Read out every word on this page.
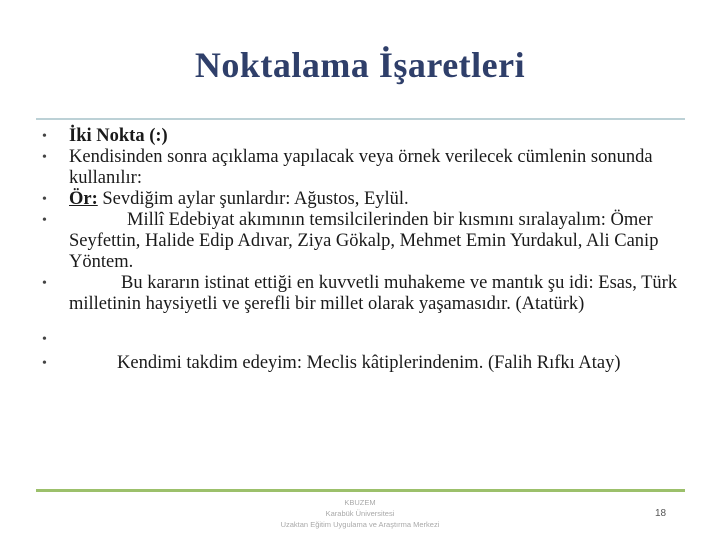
Noktalama İşaretleri
• İki Nokta (:)
• Kendisinden sonra açıklama yapılacak veya örnek verilecek cümlenin sonunda kullanılır:
• Ör: Sevdiğim aylar şunlardır: Ağustos, Eylül.
• Millî Edebiyat akımının temsilcilerinden bir kısmını sıralayalım: Ömer Seyfettin, Halide Edip Adıvar, Ziya Gökalp, Mehmet Emin Yurdakul, Ali Canip Yöntem.
• Bu kararın istinat ettiği en kuvvetli muhakeme ve mantık şu idi: Esas, Türk milletinin haysiyetli ve şerefli bir millet olarak yaşamasıdır. (Atatürk)
•
• Kendimi takdim edeyim: Meclis kâtiplerindenim. (Falih Rıfkı Atay)
KBUZEM
Karabük Üniversitesi
Uzaktan Eğitim Uygulama ve Araştırma Merkezi
18
